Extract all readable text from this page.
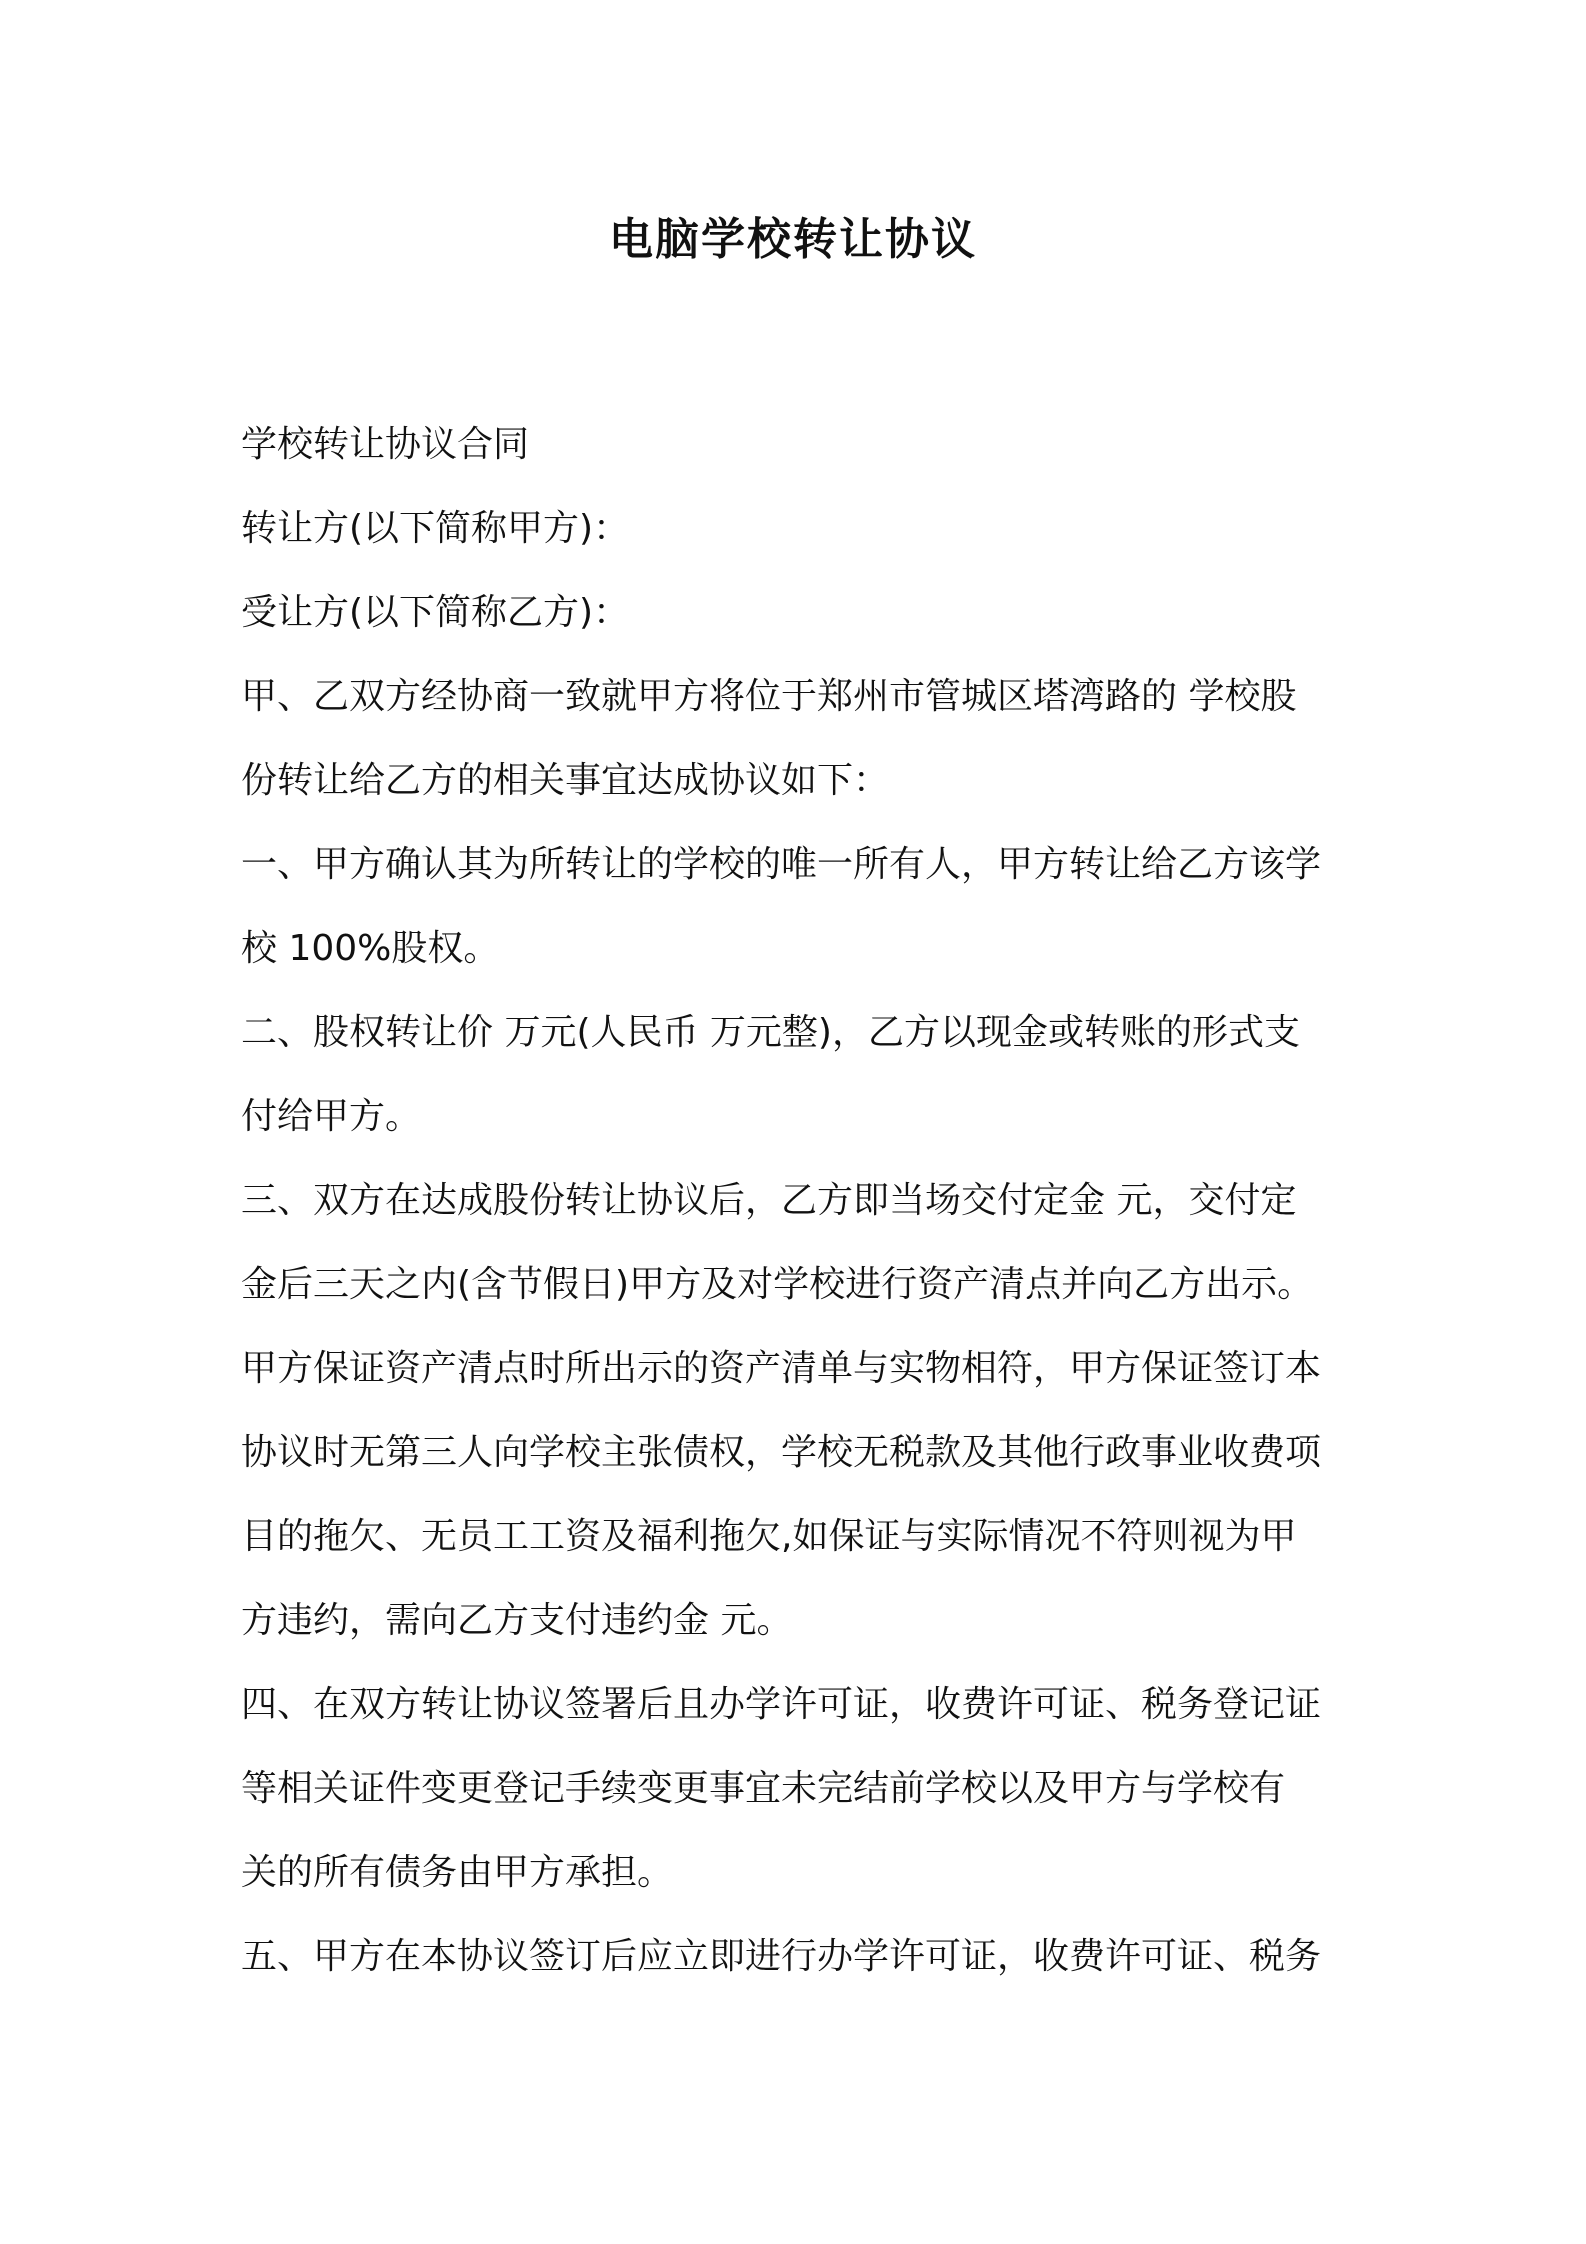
电脑学校转让协议

学校转让协议合同

转让方(以下简称甲方)：

受让方(以下简称乙方)：

甲、乙双方经协商一致就甲方将位于郑州市管城区塔湾路的 学校股

份转让给乙方的相关事宜达成协议如下：

一、甲方确认其为所转让的学校的唯一所有人，甲方转让给乙方该学

校 100%股权。

二、股权转让价 万元(人民币 万元整)，乙方以现金或转账的形式支

付给甲方。

三、双方在达成股份转让协议后，乙方即当场交付定金 元，交付定

金后三天之内(含节假日)甲方及对学校进行资产清点并向乙方出示。

甲方保证资产清点时所出示的资产清单与实物相符，甲方保证签订本

协议时无第三人向学校主张债权，学校无税款及其他行政事业收费项

目的拖欠、无员工工资及福利拖欠,如保证与实际情况不符则视为甲

方违约，需向乙方支付违约金 元。

四、在双方转让协议签署后且办学许可证，收费许可证、税务登记证

等相关证件变更登记手续变更事宜未完结前学校以及甲方与学校有

关的所有债务由甲方承担。

五、甲方在本协议签订后应立即进行办学许可证，收费许可证、税务
